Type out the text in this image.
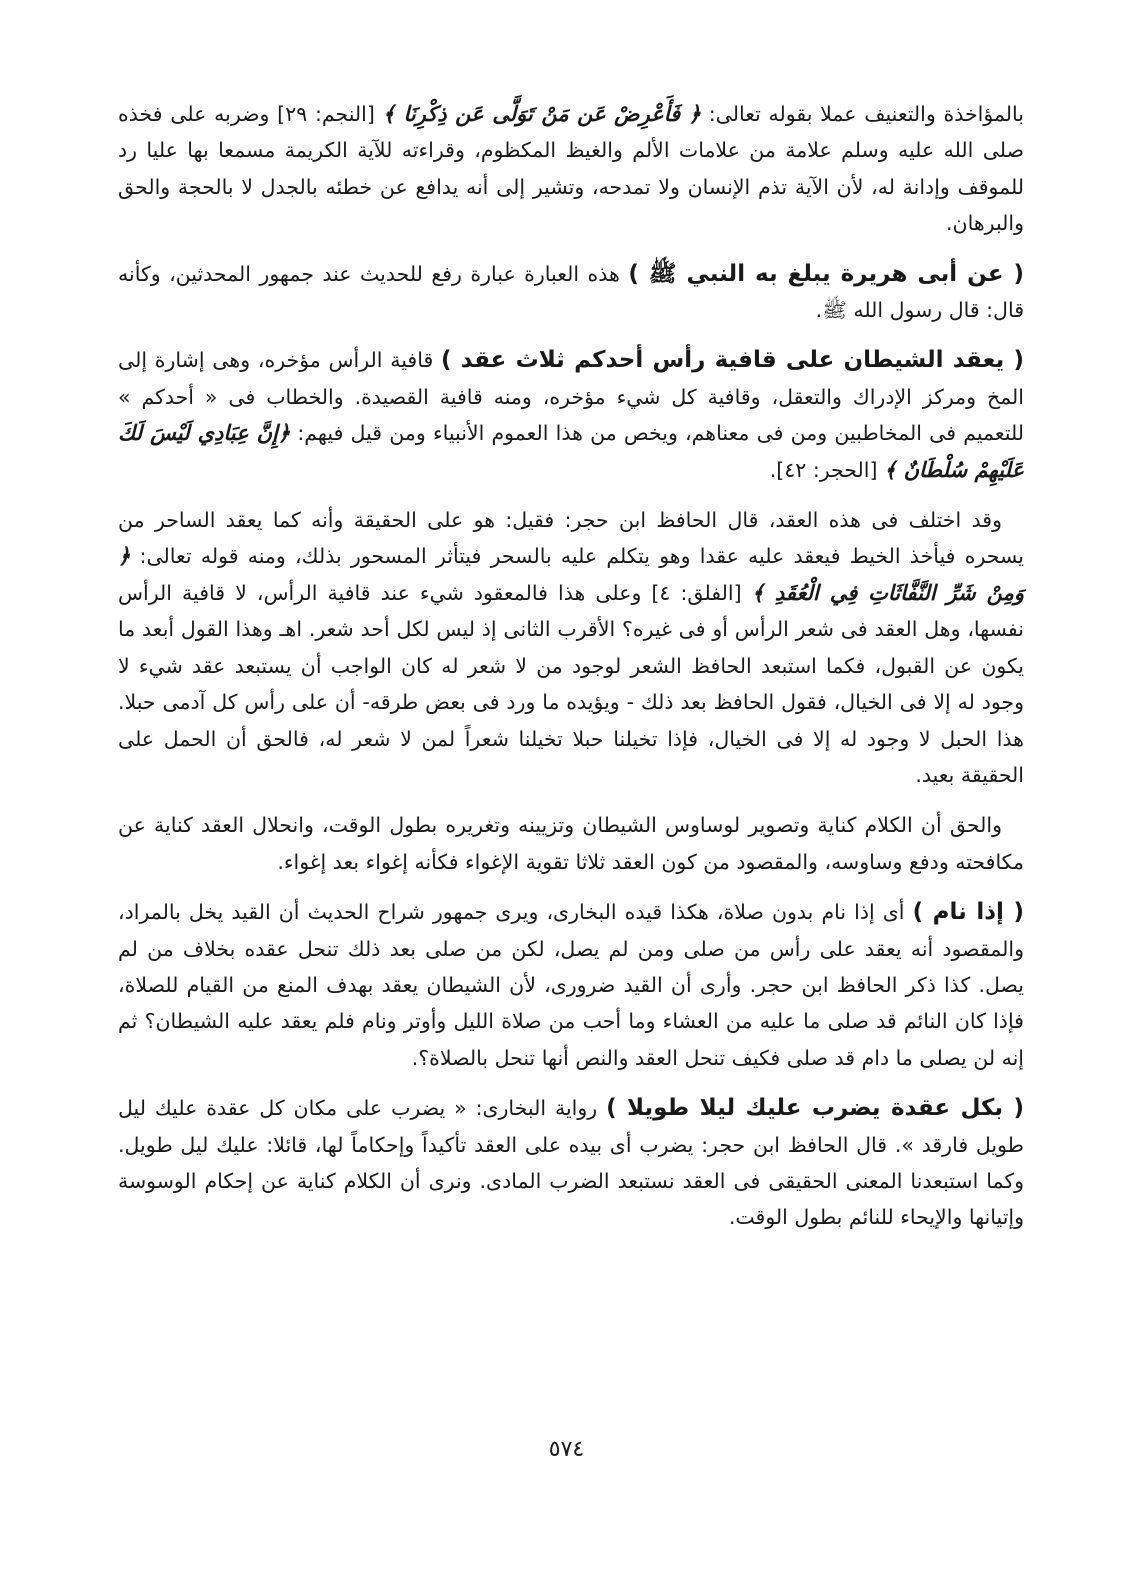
بالمؤاخذة والتعنيف عملا بقوله تعالى: ﴿ فَأَعْرِضْ عَن مَنْ تَوَلَّى عَن ذِكْرِنَا ﴾ [النجم: ٢٩] وضربه على فخذه صلى الله عليه وسلم علامة من علامات الألم والغيظ المكظوم، وقراءته للآية الكريمة مسمعا بها عليا رد للموقف وإدانة له، لأن الآية تذم الإنسان ولا تمدحه، وتشير إلى أنه يدافع عن خطئه بالجدل لا بالحجة والحق والبرهان.

( عن أبى هريرة يبلغ به النبي ﷺ ) هذه العبارة عبارة رفع للحديث عند جمهور المحدثين، وكأنه قال: قال رسول الله ﷺ.

( يعقد الشيطان على قافية رأس أحدكم ثلاث عقد ) قافية الرأس مؤخره، وهى إشارة إلى المخ ومركز الإدراك والتعقل، وقافية كل شيء مؤخره، ومنه قافية القصيدة. والخطاب فى « أحدكم » للتعميم فى المخاطبين ومن فى معناهم، ويخص من هذا العموم الأنبياء ومن قيل فيهم: ﴿إِنَّ عِبَادِي لَيْسَ لَكَ عَلَيْهِمْ سُلْطَانٌ ﴾ [الحجر: ٤٢].

وقد اختلف فى هذه العقد، قال الحافظ ابن حجر: فقيل: هو على الحقيقة وأنه كما يعقد الساحر من يسحره فيأخذ الخيط فيعقد عليه عقدا وهو يتكلم عليه بالسحر فيتأثر المسحور بذلك، ومنه قوله تعالى: ﴿ وَمِنْ شَرِّ النَّفَّاثَاتِ فِي الْعُقَدِ ﴾ [الفلق: ٤] وعلى هذا فالمعقود شيء عند قافية الرأس، لا قافية الرأس نفسها، وهل العقد فى شعر الرأس أو فى غيره؟ الأقرب الثانى إذ ليس لكل أحد شعر. اهـ وهذا القول أبعد ما يكون عن القبول، فكما استبعد الحافظ الشعر لوجود من لا شعر له كان الواجب أن يستبعد عقد شيء لا وجود له إلا فى الخيال، فقول الحافظ بعد ذلك - ويؤيده ما ورد فى بعض طرقه- أن على رأس كل آدمى حبلا. هذا الحبل لا وجود له إلا فى الخيال، فإذا تخيلنا حبلا تخيلنا شعراً لمن لا شعر له، فالحق أن الحمل على الحقيقة بعيد.

والحق أن الكلام كناية وتصوير لوساوس الشيطان وتزيينه وتغريره بطول الوقت، وانحلال العقد كناية عن مكافحته ودفع وساوسه، والمقصود من كون العقد ثلاثا تقوية الإغواء فكأنه إغواء بعد إغواء.

( إذا نام ) أى إذا نام بدون صلاة، هكذا قيده البخارى، ويرى جمهور شراح الحديث أن القيد يخل بالمراد، والمقصود أنه يعقد على رأس من صلى ومن لم يصل، لكن من صلى بعد ذلك تنحل عقده بخلاف من لم يصل. كذا ذكر الحافظ ابن حجر. وأرى أن القيد ضرورى، لأن الشيطان يعقد بهدف المنع من القيام للصلاة، فإذا كان النائم قد صلى ما عليه من العشاء وما أحب من صلاة الليل وأوتر ونام فلم يعقد عليه الشيطان؟ ثم إنه لن يصلى ما دام قد صلى فكيف تنحل العقد والنص أنها تنحل بالصلاة؟.

( بكل عقدة يضرب عليك ليلا طويلا ) رواية البخارى: « يضرب على مكان كل عقدة عليك ليل طويل فارقد ». قال الحافظ ابن حجر: يضرب أى بيده على العقد تأكيداً وإحكاماً لها، قائلا: عليك ليل طويل. وكما استبعدنا المعنى الحقيقى فى العقد نستبعد الضرب المادى. ونرى أن الكلام كناية عن إحكام الوسوسة وإتيانها والإيحاء للنائم بطول الوقت.

٥٧٤
